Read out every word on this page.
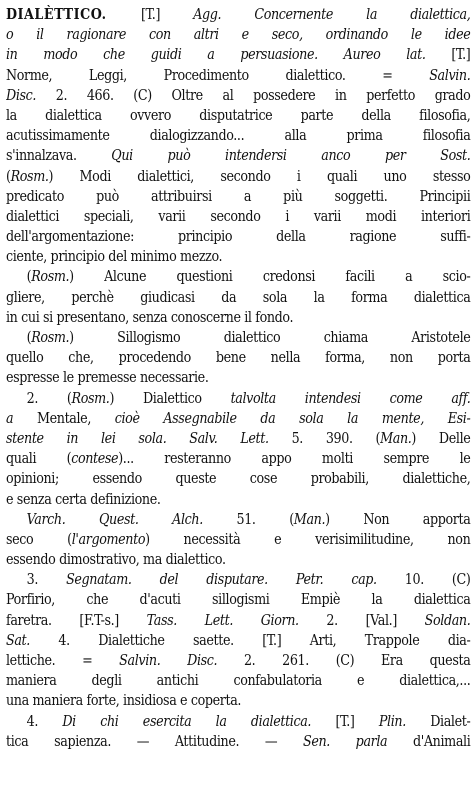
DIALÈTTICO. [T.] Agg. Concernente la dialettica,
o il ragionare con altri e seco, ordinando le idee
in modo che guidi a persuasione. Aureo lat. [T.]
Norme, Leggi, Procedimento dialettico. = Salvin.
Disc. 2. 466. (C) Oltre al possedere in perfetto grado
la dialettica ovvero disputatrice parte della filosofia,
acutissimamente dialogizzando... alla prima filosofia
s'innalzava. Qui può intendersi anco per Sost.
(Rosm.) Modi dialettici, secondo i quali uno stesso
predicato può attribuirsi a più soggetti. Principii
dialettici speciali, varii secondo i varii modi interiori
dell'argomentazione: principio della ragione suffi-
ciente, principio del minimo mezzo.
(Rosm.) Alcune questioni credonsi facili a scio-
gliere, perchè giudicasi da sola la forma dialettica
in cui si presentano, senza conoscerne il fondo.
(Rosm.) Sillogismo dialettico chiama Aristotele
quello che, procedendo bene nella forma, non porta
espresse le premesse necessarie.
2. (Rosm.) Dialettico talvolta intendesi come aff.
a Mentale, cioè Assegnabile da sola la mente, Esi-
stente in lei sola. Salv. Lett. 5. 390. (Man.) Delle
quali (contese)... resteranno appo molti sempre le
opinioni; essendo queste cose probabili, dialettiche,
e senza certa definizione.
Varch. Quest. Alch. 51. (Man.) Non apporta
seco (l'argomento) necessità e verisimilitudine, non
essendo dimostrativo, ma dialettico.
3. Segnatam. del disputare. Petr. cap. 10. (C)
Porfirio, che d'acuti sillogismi Empiè la dialettica
faretra. [F.T-s.] Tass. Lett. Giorn. 2. [Val.] Soldan.
Sat. 4. Dialettiche saette. [T.] Arti, Trappole dia-
lettiche. = Salvin. Disc. 2. 261. (C) Era questa
maniera degli antichi confabulatoria e dialettica,...
una maniera forte, insidiosa e coperta.
4. Di chi esercita la dialettica. [T.] Plin. Dialet-
tica sapienza. — Attitudine. — Sen. parla d'Animali
